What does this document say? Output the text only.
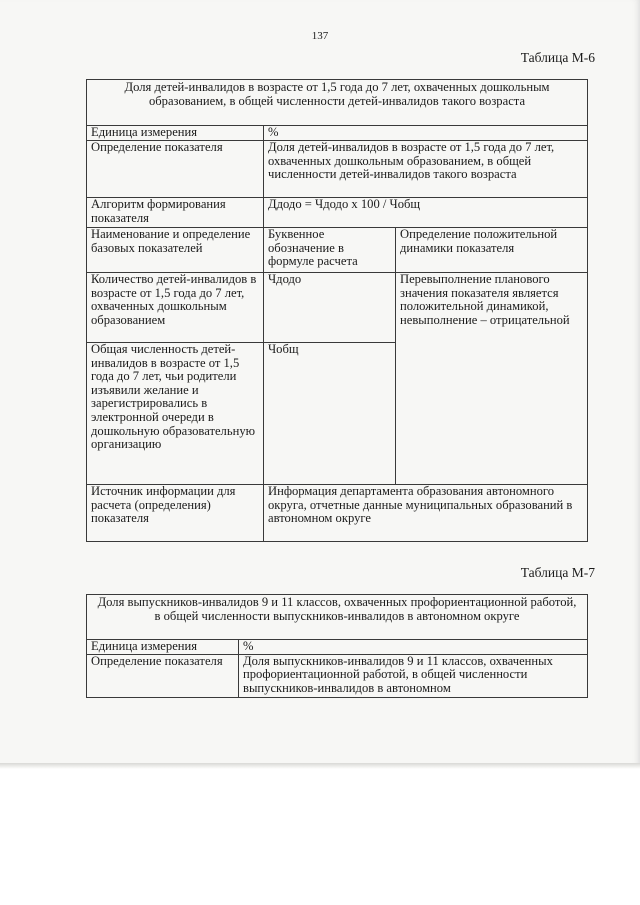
137
Таблица М-6
Доля детей-инвалидов в возрасте от 1,5 года до 7 лет, охваченных дошкольным образованием, в общей численности детей-инвалидов такого возраста		
Единица измерения	%	
Определение показателя	Доля детей-инвалидов в возрасте от 1,5 года до 7 лет, охваченных дошкольным образованием, в общей численности детей-инвалидов такого возраста	
Алгоритм формирования показателя	Ддодо = Чдодо х 100 / Чобщ	
Наименование и определение базовых показателей	Буквенное обозначение в формуле расчета	Определение положительной динамики показателя
Количество детей-инвалидов в возрасте от 1,5 года до 7 лет, охваченных дошкольным образованием	Чдодо	Перевыполнение планового значения показателя является положительной динамикой, невыполнение – отрицательной
Общая численность детей-инвалидов в возрасте от 1,5 года до 7 лет, чьи родители изъявили желание и зарегистрировались в электронной очереди в дошкольную образовательную организацию	Чобщ	
Источник информации для расчета (определения) показателя	Информация департамента образования автономного округа, отчетные данные муниципальных образований в автономном округе	
Таблица М-7
Доля выпускников-инвалидов 9 и 11 классов, охваченных профориентационной работой, в общей численности выпускников-инвалидов в автономном округе	
Единица измерения	%
Определение показателя	Доля выпускников-инвалидов 9 и 11 классов, охваченных профориентационной работой, в общей численности выпускников-инвалидов в автономном
